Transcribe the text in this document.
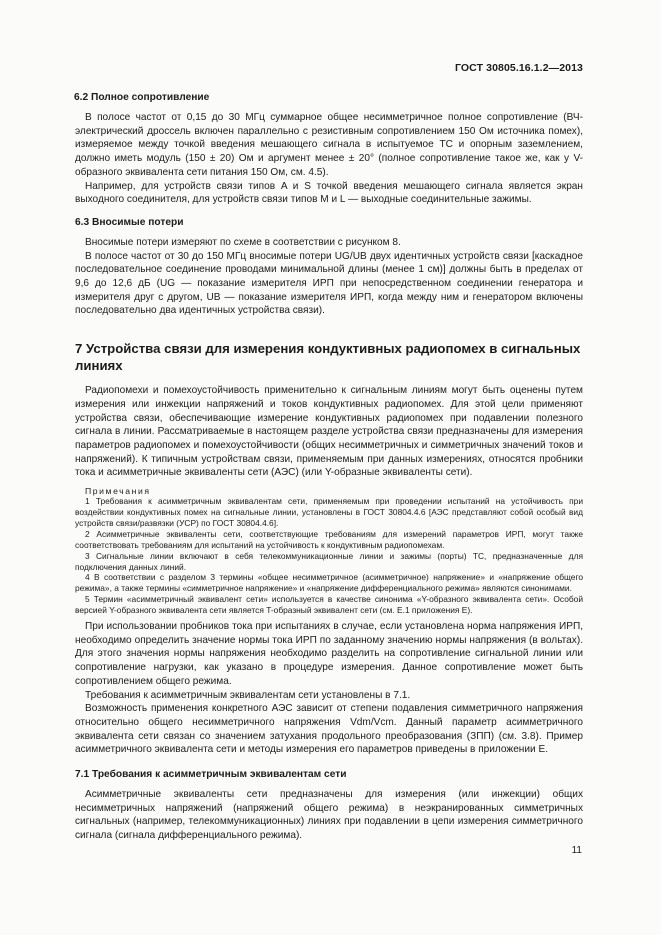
ГОСТ 30805.16.1.2—2013
6.2 Полное сопротивление

В полосе частот от 0,15 до 30 МГц суммарное общее несимметричное полное сопротивление (ВЧ-электрический дроссель включен параллельно с резистивным сопротивлением 150 Ом источника помех), измеряемое между точкой введения мешающего сигнала в испытуемое ТС и опорным заземлением, должно иметь модуль (150 ± 20) Ом и аргумент менее ± 20° (полное сопротивление такое же, как у V-образного эквивалента сети питания 150 Ом, см. 4.5).

Например, для устройств связи типов A и S точкой введения мешающего сигнала является экран выходного соединителя, для устройств связи типов M и L — выходные соединительные зажимы.

6.3 Вносимые потери

Вносимые потери измеряют по схеме в соответствии с рисунком 8.

В полосе частот от 30 до 150 МГц вносимые потери UG/UB двух идентичных устройств связи [каскадное последовательное соединение проводами минимальной длины (менее 1 см)] должны быть в пределах от 9,6 до 12,6 дБ (UG — показание измерителя ИРП при непосредственном соединении генератора и измерителя друг с другом, UB — показание измерителя ИРП, когда между ним и генератором включены последовательно два идентичных устройства связи).

7 Устройства связи для измерения кондуктивных радиопомех в сигнальных линиях

Радиопомехи и помехоустойчивость применительно к сигнальным линиям могут быть оценены путем измерения или инжекции напряжений и токов кондуктивных радиопомех. Для этой цели применяют устройства связи, обеспечивающие измерение кондуктивных радиопомех при подавлении полезного сигнала в линии. Рассматриваемые в настоящем разделе устройства связи предназначены для измерения параметров радиопомех и помехоустойчивости (общих несимметричных и симметричных значений токов и напряжений). К типичным устройствам связи, применяемым при данных измерениях, относятся пробники тока и асимметричные эквиваленты сети (АЭС) (или Y-образные эквиваленты сети).

Примечания

1 Требования к асимметричным эквивалентам сети, применяемым при проведении испытаний на устойчивость при воздействии кондуктивных помех на сигнальные линии, установлены в ГОСТ 30804.4.6 [АЭС представляют собой особый вид устройств связи/развязки (УСР) по ГОСТ 30804.4.6].

2 Асимметричные эквиваленты сети, соответствующие требованиям для измерений параметров ИРП, могут также соответствовать требованиям для испытаний на устойчивость к кондуктивным радиопомехам.

3 Сигнальные линии включают в себя телекоммуникационные линии и зажимы (порты) ТС, предназначенные для подключения данных линий.

4 В соответствии с разделом 3 термины «общее несимметричное (асимметричное) напряжение» и «напряжение общего режима», а также термины «симметричное напряжение» и «напряжение дифференциального режима» являются синонимами.

5 Термин «асимметричный эквивалент сети» используется в качестве синонима «Y-образного эквивалента сети». Особой версией Y-образного эквивалента сети является T-образный эквивалент сети (см. E.1 приложения E).

При использовании пробников тока при испытаниях в случае, если установлена норма напряжения ИРП, необходимо определить значение нормы тока ИРП по заданному значению нормы напряжения (в вольтах). Для этого значения нормы напряжения необходимо разделить на сопротивление сигнальной линии или сопротивление нагрузки, как указано в процедуре измерения. Данное сопротивление может быть сопротивлением общего режима.

Требования к асимметричным эквивалентам сети установлены в 7.1.

Возможность применения конкретного АЭС зависит от степени подавления симметричного напряжения относительно общего несимметричного напряжения Vdm/Vcm. Данный параметр асимметричного эквивалента сети связан со значением затухания продольного преобразования (ЗПП) (см. 3.8). Пример асимметричного эквивалента сети и методы измерения его параметров приведены в приложении E.

7.1 Требования к асимметричным эквивалентам сети

Асимметричные эквиваленты сети предназначены для измерения (или инжекции) общих несимметричных напряжений (напряжений общего режима) в неэкранированных симметричных сигнальных (например, телекоммуникационных) линиях при подавлении в цепи измерения симметричного сигнала (сигнала дифференциального режима).

11
